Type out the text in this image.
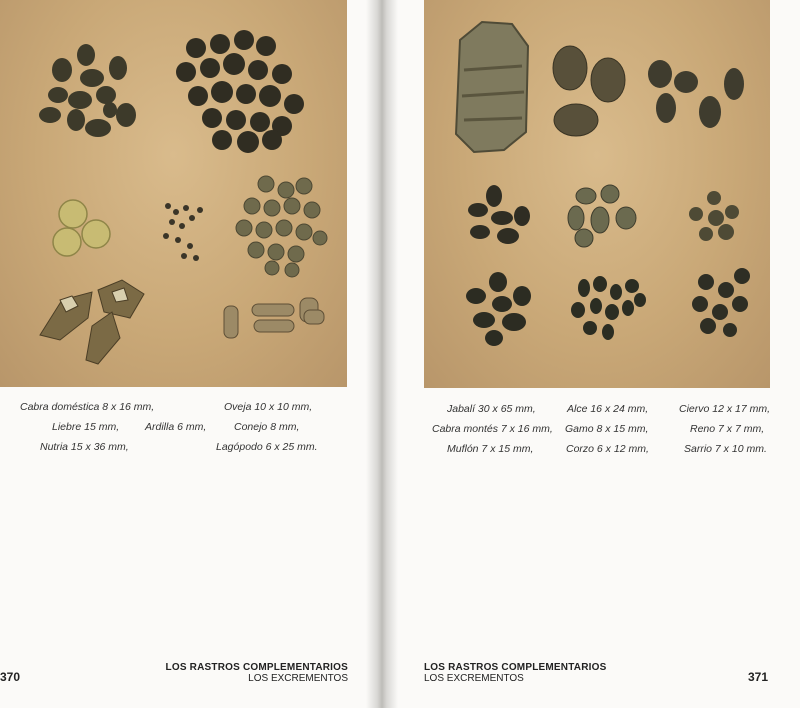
Cabra doméstica 8 x 16 mm,	Oveja 10 x 10 mm,
Liebre 15 mm, Ardilla 6 mm,	Conejo 8 mm,
Nutria 15 x 36 mm,	Lagópodo 6 x 25 mm.
Jabalí 30 x 65 mm,	Alce 16 x 24 mm,	Ciervo 12 x 17 mm,
Cabra montés 7 x 16 mm, Gamo 8 x 15 mm,	Reno 7 x 7 mm,
Muflón 7 x 15 mm,	Corzo 6 x 12 mm,	Sarrio 7 x 10 mm.
370
LOS RASTROS COMPLEMENTARIOS
LOS EXCREMENTOS
LOS RASTROS COMPLEMENTARIOS
LOS EXCREMENTOS	371
